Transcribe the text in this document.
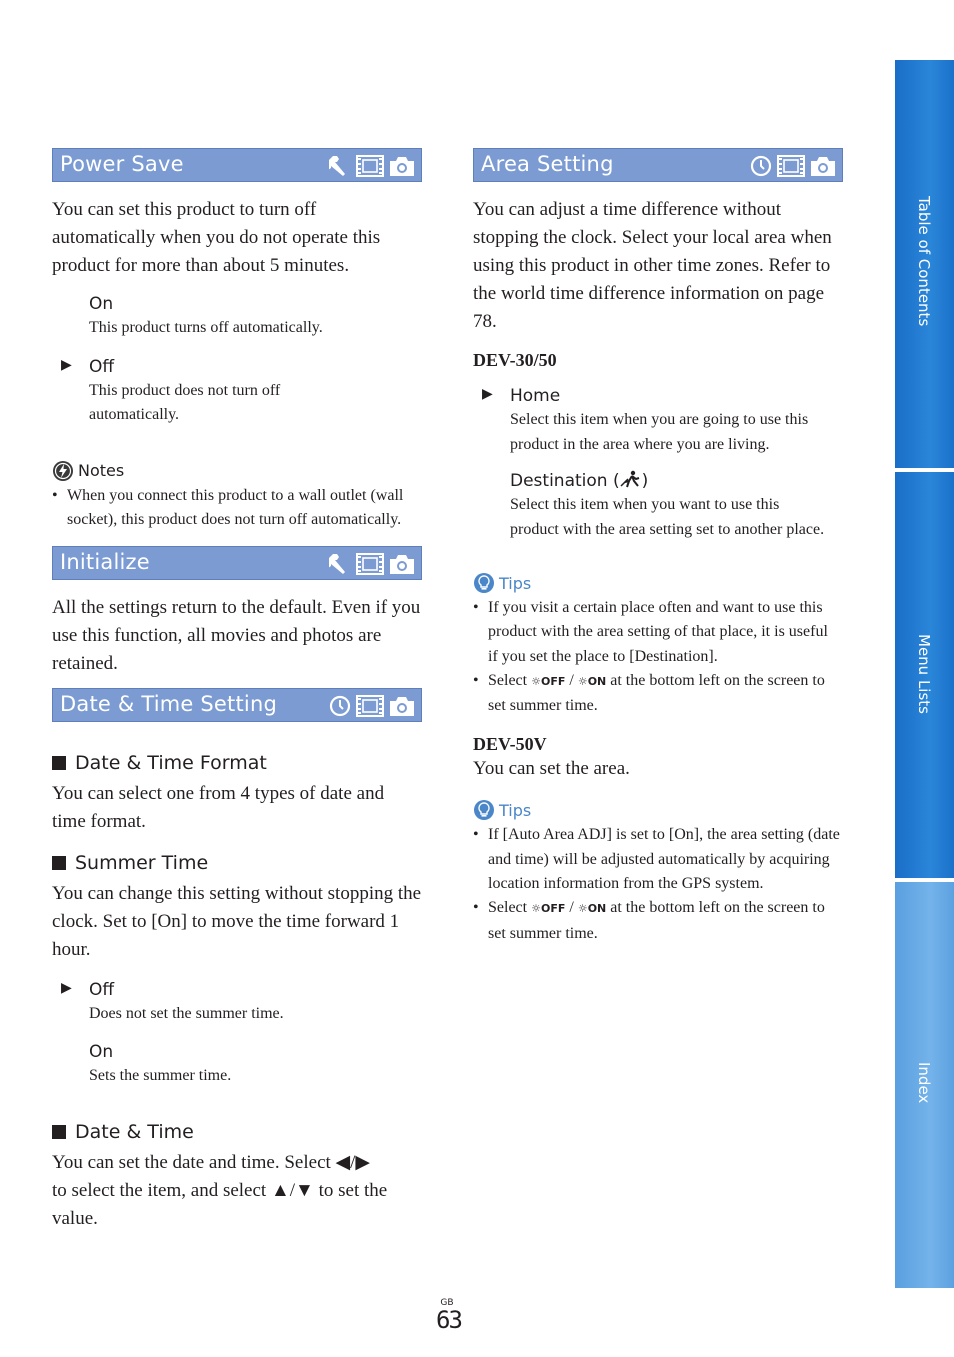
Power Save

You can set this product to turn off automatically when you do not operate this product for more than about 5 minutes.

On
This product turns off automatically.
▶ Off
This product does not turn off automatically.
Notes
• When you connect this product to a wall outlet (wall socket), this product does not turn off automatically.
Initialize

All the settings return to the default. Even if you use this function, all movies and photos are retained.

Date & Time Setting
Date & Time Format

You can select one from 4 types of date and time format.

Summer Time

You can change this setting without stopping the clock. Set to [On] to move the time forward 1 hour.

▶ Off
Does not set the summer time.
On
Sets the summer time.
Date & Time

You can set the date and time. Select ◀/▶
to select the item, and select ▲/▼ to set the
value.

Area Setting

You can adjust a time difference without stopping the clock. Select your local area when using this product in other time zones. Refer to the world time difference information on page 78.

DEV-30/50
▶ Home
Select this item when you are going to use this product in the area where you are living.
Destination ( )
Select this item when you want to use this product with the area setting set to another place.
Tips
• If you visit a certain place often and want to use this product with the area setting of that place, it is useful if you set the place to [Destination].
• Select ☼OFF / ☼ON at the bottom left on the screen to set summer time.
DEV-50V

You can set the area.

Tips
• If [Auto Area ADJ] is set to [On], the area setting (date and time) will be adjusted automatically by acquiring location information from the GPS system.
• Select ☼OFF / ☼ON at the bottom left on the screen to set summer time.
Table of Contents
Menu Lists
Index
GB
63
